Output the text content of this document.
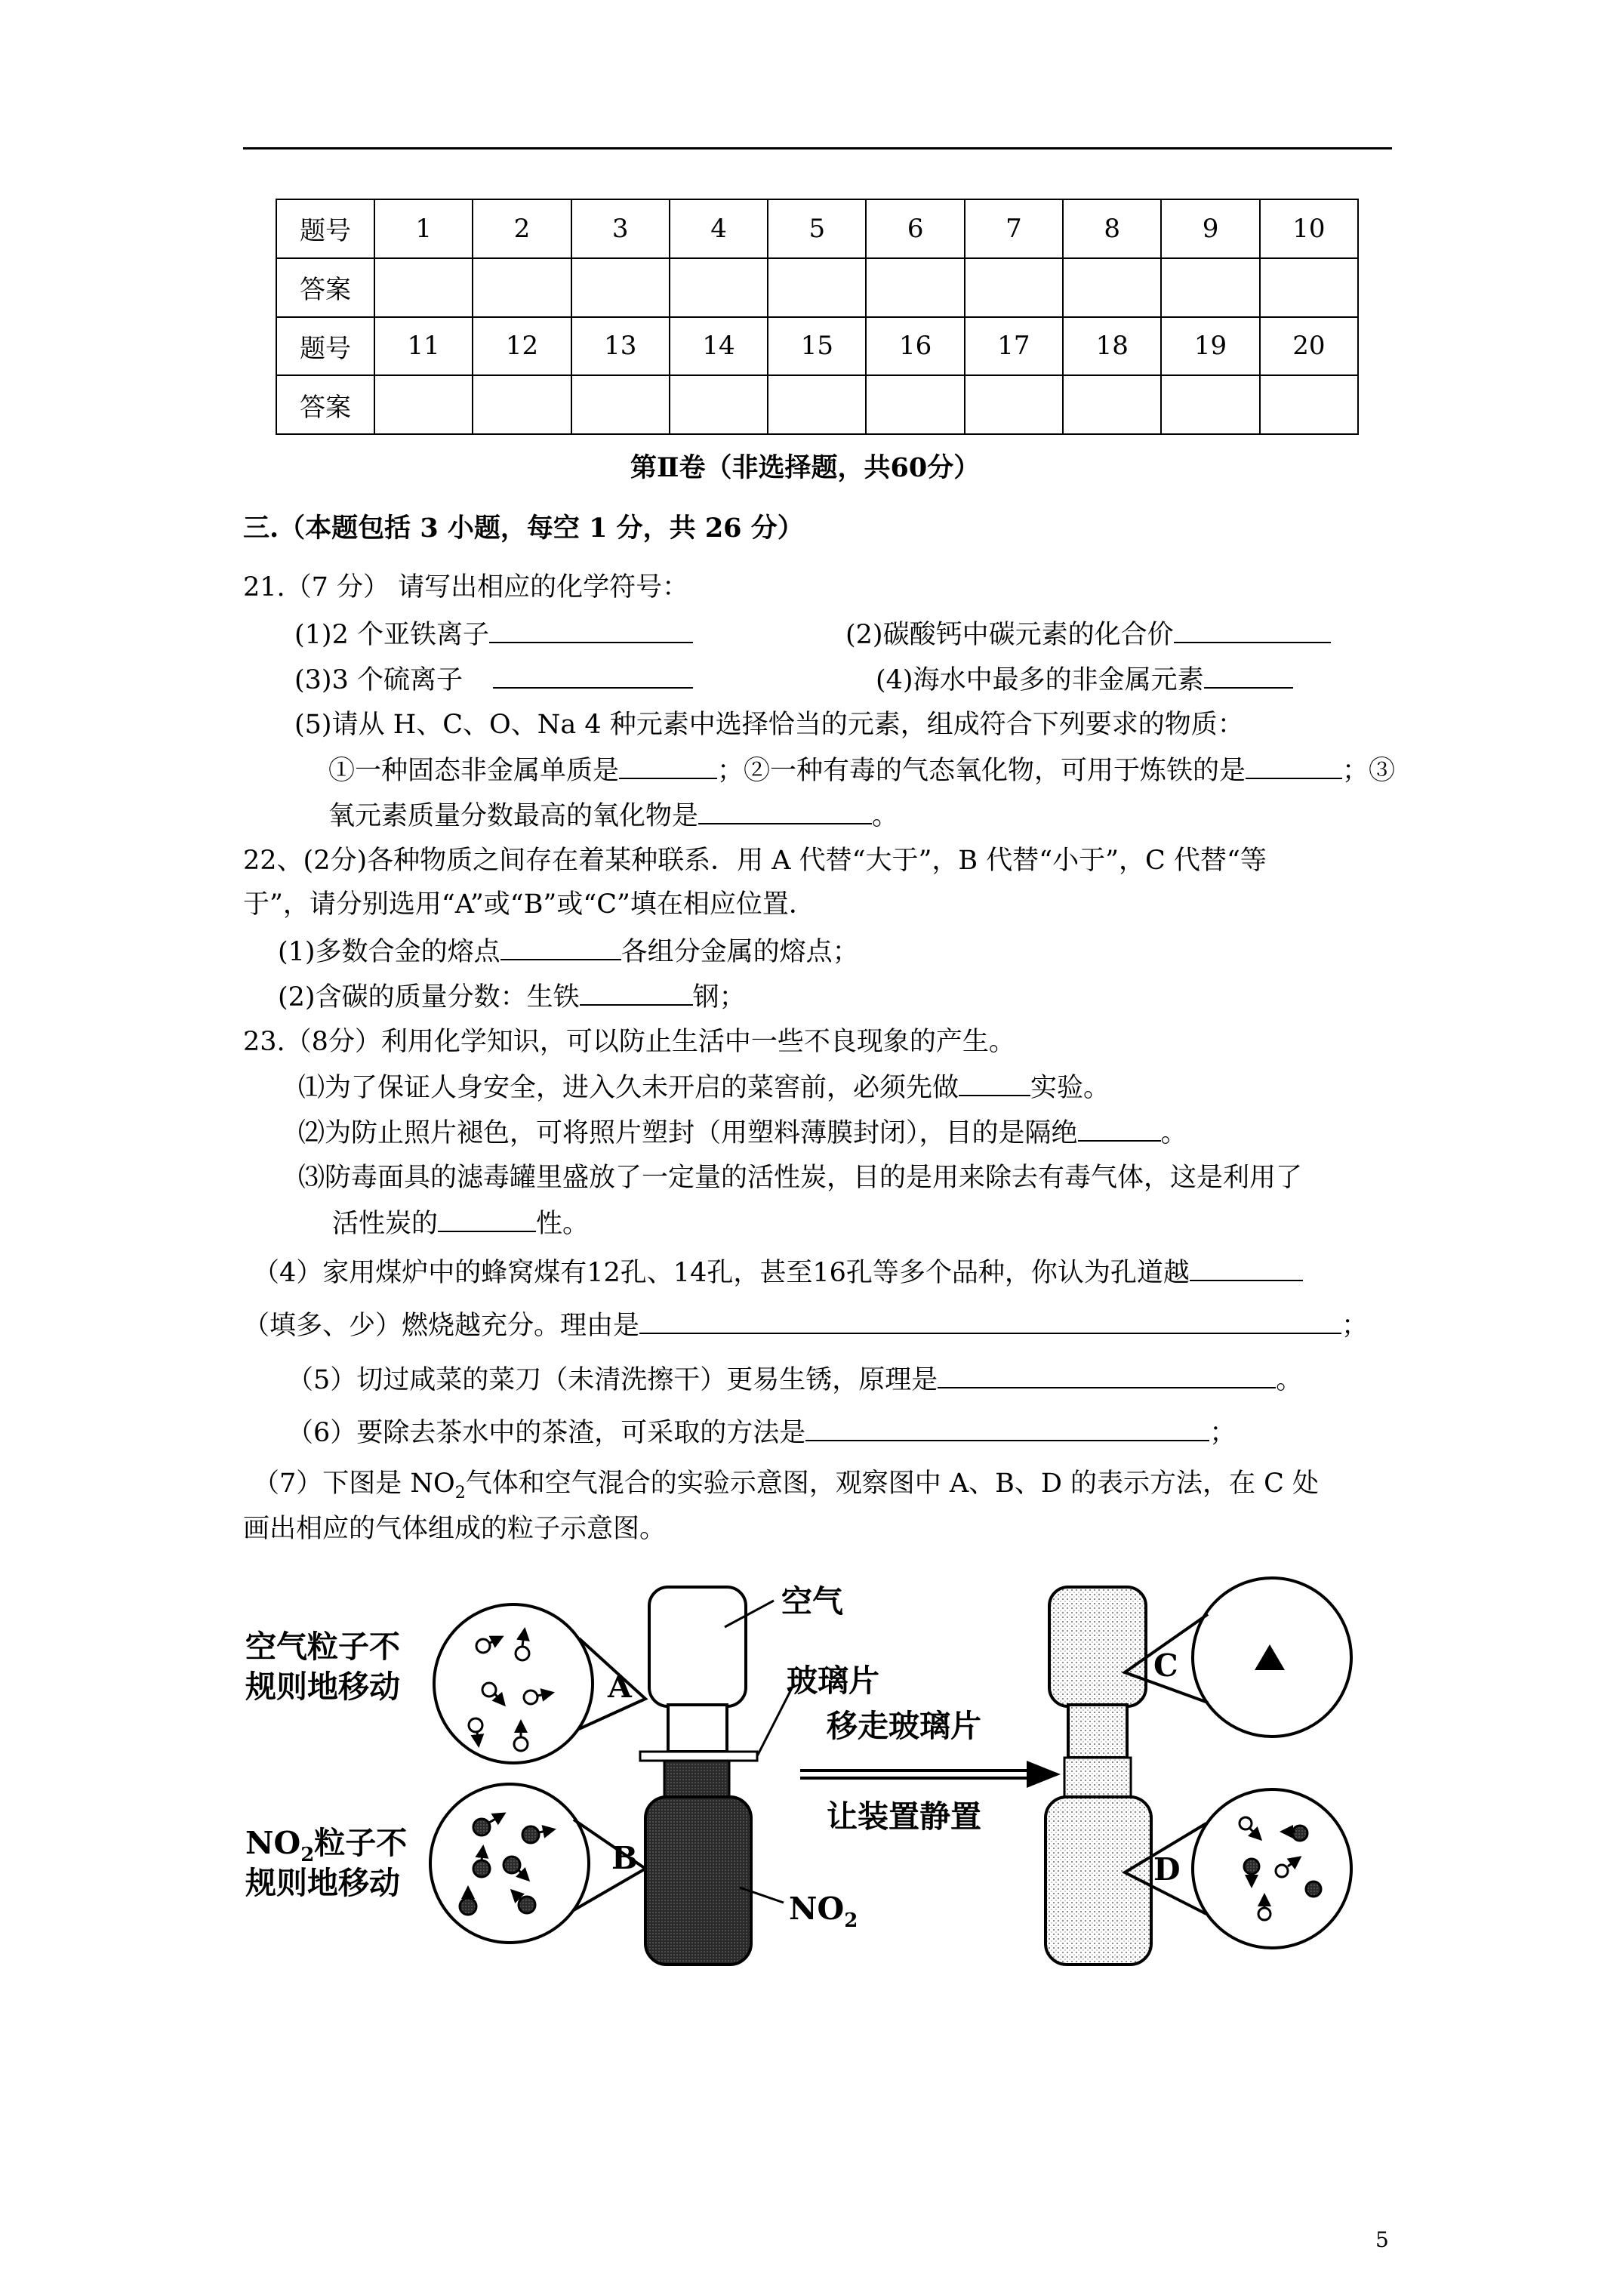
题号	1	2	3	4	5	6	7	8	9	10
答案										
题号	11	12	13	14	15	16	17	18	19	20
答案										
第Ⅱ卷（非选择题，共60分）
三.（本题包括 3 小题，每空 1 分，共 26 分）
21.（7 分） 请写出相应的化学符号：
(1)2 个亚铁离子	(2)碳酸钙中碳元素的化合价
(3)3 个硫离子	(4)海水中最多的非金属元素
(5)请从 H、C、O、Na 4 种元素中选择恰当的元素，组成符合下列要求的物质：
①一种固态非金属单质是	；②一种有毒的气态氧化物，可用于炼铁的是	；③
氧元素质量分数最高的氧化物是	。
22、(2分)各种物质之间存在着某种联系．用 A 代替“大于”，B 代替“小于”，C 代替“等
于”，请分别选用“A”或“B”或“C”填在相应位置．
(1)多数合金的熔点	各组分金属的熔点；
(2)含碳的质量分数：生铁	钢；
23.（8分）利用化学知识，可以防止生活中一些不良现象的产生。
⑴为了保证人身安全，进入久未开启的菜窖前，必须先做	实验。
⑵为防止照片褪色，可将照片塑封（用塑料薄膜封闭），目的是隔绝	。
⑶防毒面具的滤毒罐里盛放了一定量的活性炭，目的是用来除去有毒气体，这是利用了
活性炭的	性。
（4）家用煤炉中的蜂窝煤有12孔、14孔，甚至16孔等多个品种，你认为孔道越
（填多、少）燃烧越充分。理由是	；
（5）切过咸菜的菜刀（未清洗擦干）更易生锈，原理是	。
（6）要除去茶水中的茶渣，可采取的方法是	；
（7）下图是 $NO_2$气体和空气混合的实验示意图，观察图中 A、B、D 的表示方法，在 C 处
画出相应的气体组成的粒子示意图。
空气粒子不
规则地移动
$NO_2$粒子不
规则地移动
A
B
空气
玻璃片
$NO_2$
移走玻璃片
让装置静置
C
D
5
